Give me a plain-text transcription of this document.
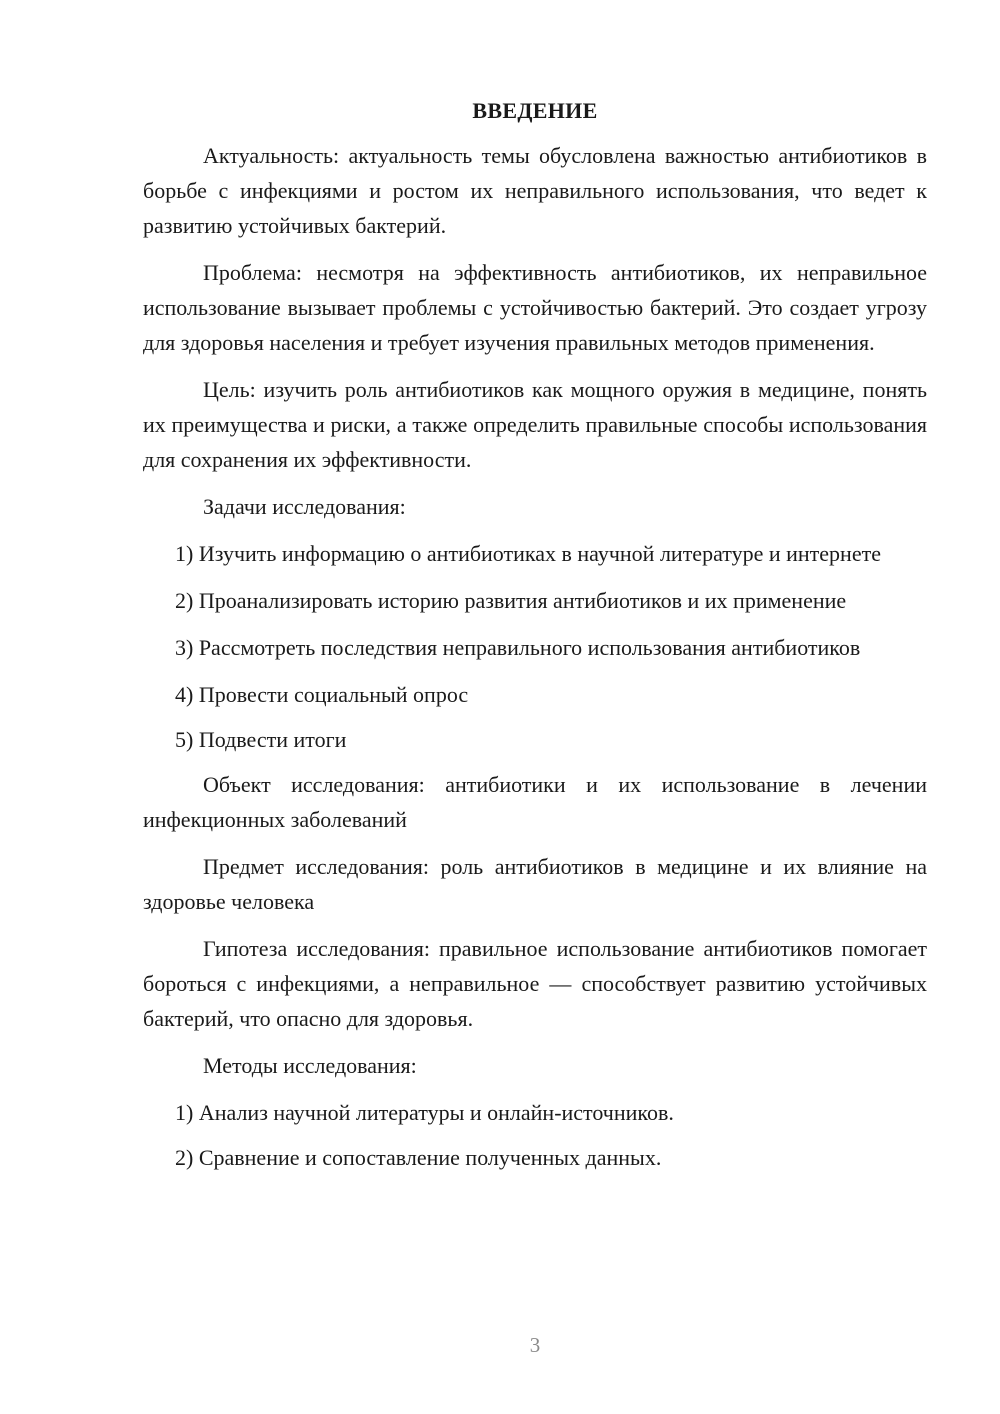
ВВЕДЕНИЕ

Актуальность: актуальность темы обусловлена важностью антибиотиков в борьбе с инфекциями и ростом их неправильного использования, что ведет к развитию устойчивых бактерий.

Проблема: несмотря на эффективность антибиотиков, их неправильное использование вызывает проблемы с устойчивостью бактерий. Это создает угрозу для здоровья населения и требует изучения правильных методов применения.

Цель: изучить роль антибиотиков как мощного оружия в медицине, понять их преимущества и риски, а также определить правильные способы использования для сохранения их эффективности.

Задачи исследования:

1) Изучить информацию о антибиотиках в научной литературе и интернете

2) Проанализировать историю развития антибиотиков и их применение

3) Рассмотреть последствия неправильного использования антибиотиков

4) Провести социальный опрос

5) Подвести итоги

Объект исследования: антибиотики и их использование в лечении инфекционных заболеваний

Предмет исследования: роль антибиотиков в медицине и их влияние на здоровье человека

Гипотеза исследования: правильное использование антибиотиков помогает бороться с инфекциями, а неправильное — способствует развитию устойчивых бактерий, что опасно для здоровья.

Методы исследования:

1) Анализ научной литературы и онлайн-источников.

2) Сравнение и сопоставление полученных данных.

3
